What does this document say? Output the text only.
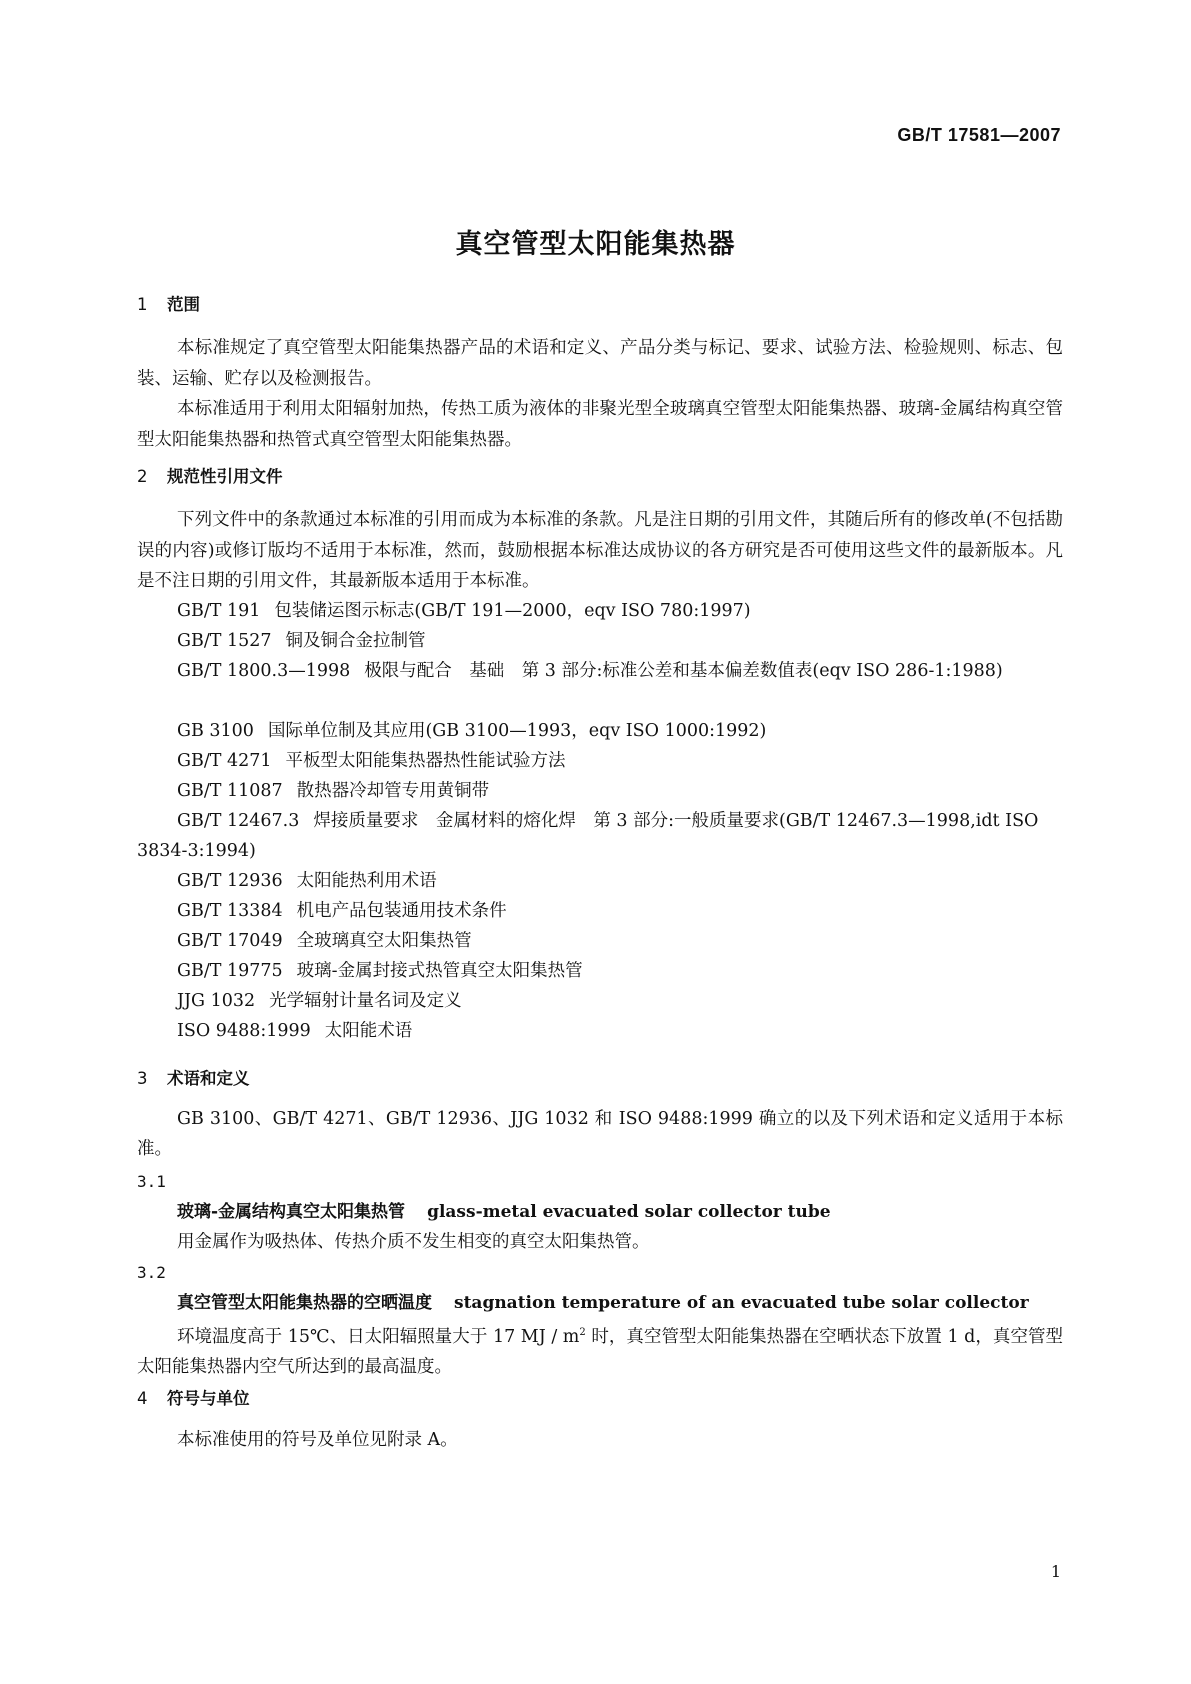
GB/T 17581—2007
真空管型太阳能集热器
1 范围

本标准规定了真空管型太阳能集热器产品的术语和定义、产品分类与标记、要求、试验方法、检验规则、标志、包装、运输、贮存以及检测报告。

本标准适用于利用太阳辐射加热，传热工质为液体的非聚光型全玻璃真空管型太阳能集热器、玻璃-金属结构真空管型太阳能集热器和热管式真空管型太阳能集热器。

2 规范性引用文件

下列文件中的条款通过本标准的引用而成为本标准的条款。凡是注日期的引用文件，其随后所有的修改单(不包括勘误的内容)或修订版均不适用于本标准，然而，鼓励根据本标准达成协议的各方研究是否可使用这些文件的最新版本。凡是不注日期的引用文件，其最新版本适用于本标准。

GB/T 191 包装储运图示标志(GB/T 191—2000，eqv ISO 780:1997)
GB/T 1527 铜及铜合金拉制管
GB/T 1800.3—1998 极限与配合　基础　第 3 部分:标准公差和基本偏差数值表(eqv ISO 286-1:1988)
GB 3100 国际单位制及其应用(GB 3100—1993，eqv ISO 1000:1992)
GB/T 4271 平板型太阳能集热器热性能试验方法
GB/T 11087 散热器冷却管专用黄铜带
GB/T 12467.3 焊接质量要求　金属材料的熔化焊　第 3 部分:一般质量要求(GB/T 12467.3—1998,idt ISO 3834-3:1994)
GB/T 12936 太阳能热利用术语
GB/T 13384 机电产品包装通用技术条件
GB/T 17049 全玻璃真空太阳集热管
GB/T 19775 玻璃-金属封接式热管真空太阳集热管
JJG 1032 光学辐射计量名词及定义
ISO 9488:1999 太阳能术语
3 术语和定义

GB 3100、GB/T 4271、GB/T 12936、JJG 1032 和 ISO 9488:1999 确立的以及下列术语和定义适用于本标准。

3.1
玻璃-金属结构真空太阳集热管 glass-metal evacuated solar collector tube

用金属作为吸热体、传热介质不发生相变的真空太阳集热管。

3.2
真空管型太阳能集热器的空晒温度 stagnation temperature of an evacuated tube solar collector

环境温度高于 15℃、日太阳辐照量大于 17 MJ / $m^2$ 时，真空管型太阳能集热器在空晒状态下放置 1 d，真空管型太阳能集热器内空气所达到的最高温度。

4 符号与单位

本标准使用的符号及单位见附录 A。

1
